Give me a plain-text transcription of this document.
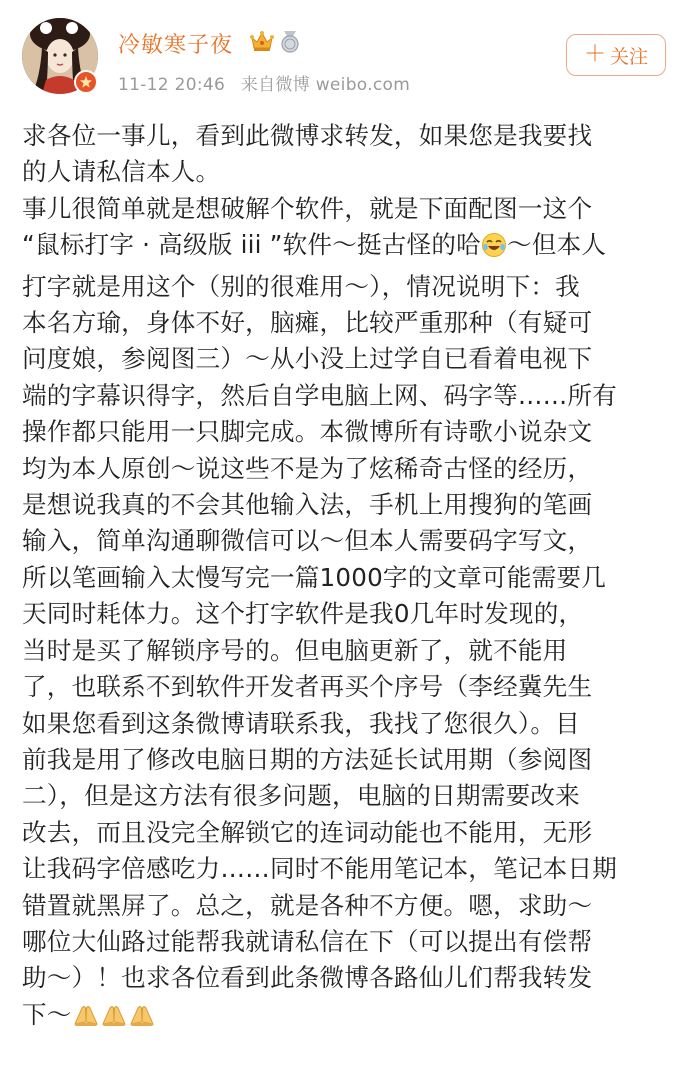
冷敏寒子夜
11-12 20:46 来自微博 weibo.com
＋ 关注
求各位一事儿，看到此微博求转发，如果您是我要找
的人请私信本人。
事儿很简单就是想破解个软件，就是下面配图一这个
“鼠标打字 · 高级版 iii ”软件～挺古怪的哈 ～但本人
打字就是用这个（别的很难用～），情况说明下：我
本名方瑜，身体不好，脑瘫，比较严重那种（有疑可
问度娘，参阅图三）～从小没上过学自已看着电视下
端的字幕识得字，然后自学电脑上网、码字等……所有
操作都只能用一只脚完成。本微博所有诗歌小说杂文
均为本人原创～说这些不是为了炫稀奇古怪的经历，
是想说我真的不会其他输入法，手机上用搜狗的笔画
输入，简单沟通聊微信可以～但本人需要码字写文，
所以笔画输入太慢写完一篇1000字的文章可能需要几
天同时耗体力。这个打字软件是我0几年时发现的，
当时是买了解锁序号的。但电脑更新了，就不能用
了，也联系不到软件开发者再买个序号（李经冀先生
如果您看到这条微博请联系我，我找了您很久）。目
前我是用了修改电脑日期的方法延长试用期（参阅图
二），但是这方法有很多问题，电脑的日期需要改来
改去，而且没完全解锁它的连词动能也不能用，无形
让我码字倍感吃力……同时不能用笔记本，笔记本日期
错置就黑屏了。总之，就是各种不方便。嗯，求助～
哪位大仙路过能帮我就请私信在下（可以提出有偿帮
助～）！也求各位看到此条微博各路仙儿们帮我转发
下～
